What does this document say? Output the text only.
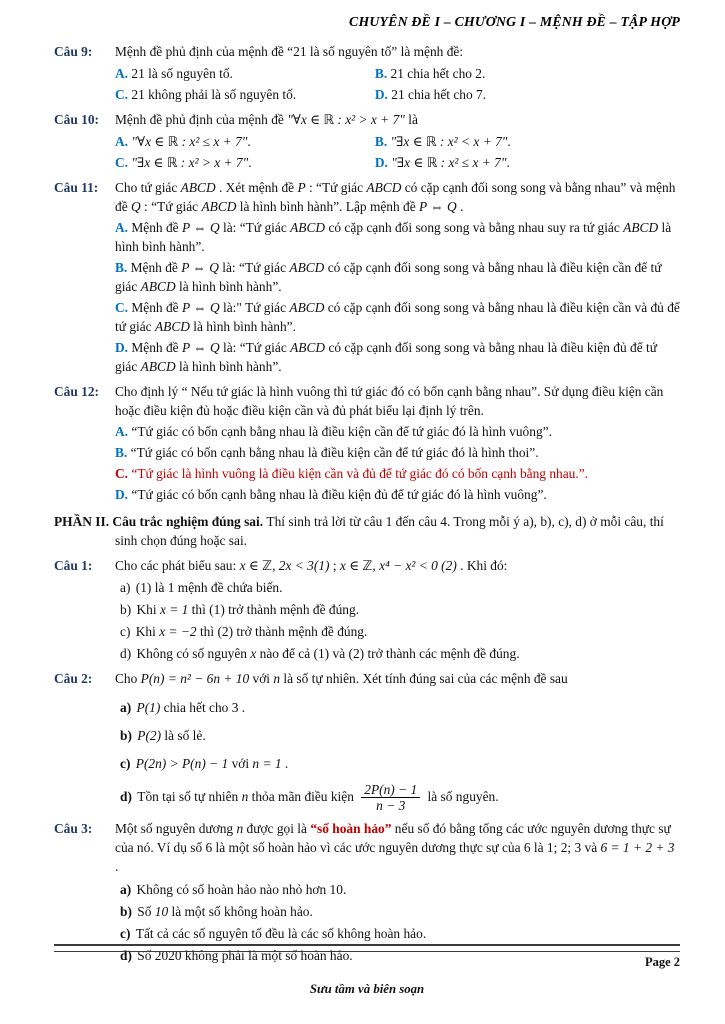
CHUYÊN ĐỀ I – CHƯƠNG I – MỆNH ĐỀ – TẬP HỢP
Câu 9:	Mệnh đề phủ định của mệnh đề “21 là số nguyên tố” là mệnh đề:
A. 21 là số nguyên tố.	B. 21 chia hết cho 2.
C. 21 không phải là số nguyên tố.	D. 21 chia hết cho 7.
Câu 10:	Mệnh đề phủ định của mệnh đề "∀x ∈ ℝ : x² > x + 7" là
A. "∀x ∈ ℝ : x² ≤ x + 7".	B. "∃x ∈ ℝ : x² < x + 7".
C. "∃x ∈ ℝ : x² > x + 7".	D. "∃x ∈ ℝ : x² ≤ x + 7".
Câu 11:	Cho tứ giác ABCD . Xét mệnh đề P : “Tứ giác ABCD có cặp cạnh đối song song và bằng nhau” và mệnh đề Q : “Tứ giác ABCD là hình bình hành”. Lập mệnh đề P ⇔ Q .
A. Mệnh đề P ⇔ Q là: “Tứ giác ABCD có cặp cạnh đối song song và bằng nhau suy ra tứ giác ABCD là hình bình hành”.
B. Mệnh đề P ⇔ Q là: “Tứ giác ABCD có cặp cạnh đối song song và bằng nhau là điều kiện cần để tứ giác ABCD là hình bình hành”.
C. Mệnh đề P ⇔ Q là:" Tứ giác ABCD có cặp cạnh đối song song và bằng nhau là điều kiện cần và đủ để tứ giác ABCD là hình bình hành”.
D. Mệnh đề P ⇔ Q là: “Tứ giác ABCD có cặp cạnh đối song song và bằng nhau là điều kiện đủ để tứ giác ABCD là hình bình hành”.
Câu 12:	Cho định lý “ Nếu tứ giác là hình vuông thì tứ giác đó có bốn cạnh bằng nhau”. Sử dụng điều kiện cần hoặc điều kiện đủ hoặc điều kiện cần và đủ phát biểu lại định lý trên.
A. “Tứ giác có bốn cạnh bằng nhau là điều kiện cần để tứ giác đó là hình vuông”.
B. “Tứ giác có bốn cạnh bằng nhau là điều kiện cần để tứ giác đó là hình thoi”.
C. “Tứ giác là hình vuông là điều kiện cần và đủ để tứ giác đó có bốn cạnh bằng nhau.”.
D. “Tứ giác có bốn cạnh bằng nhau là điều kiện đủ để tứ giác đó là hình vuông”.
PHẦN II. Câu trắc nghiệm đúng sai. Thí sinh trả lời từ câu 1 đến câu 4. Trong mỗi ý a), b), c), d) ở mỗi câu, thí sinh chọn đúng hoặc sai.
Câu 1:	Cho các phát biểu sau: x ∈ ℤ, 2x < 3(1) ; x ∈ ℤ, x⁴ − x² < 0 (2) . Khi đó:
a) (1) là 1 mệnh đề chứa biến.
b) Khi x = 1 thì (1) trở thành mệnh đề đúng.
c) Khi x = −2 thì (2) trở thành mệnh đề đúng.
d) Không có số nguyên x nào để cả (1) và (2) trở thành các mệnh đề đúng.
Câu 2:	Cho P(n) = n² − 6n + 10 với n là số tự nhiên. Xét tính đúng sai của các mệnh đề sau
a) P(1) chia hết cho 3 .
b) P(2) là số lẻ.
c) P(2n) > P(n) − 1 với n = 1 .
d) Tồn tại số tự nhiên n thỏa mãn điều kiện $\frac{2P(n) - 1}{n - 3}$ là số nguyên.
Câu 3:	Một số nguyên dương n được gọi là “số hoàn hảo” nếu số đó bằng tổng các ước nguyên dương thực sự của nó. Ví dụ số 6 là một số hoàn hảo vì các ước nguyên dương thực sự của 6 là 1; 2; 3 và 6 = 1 + 2 + 3 .
a) Không có số hoàn hảo nào nhỏ hơn 10.
b) Số 10 là một số không hoàn hảo.
c) Tất cả các số nguyên tố đều là các số không hoàn hảo.
d) Số 2020 không phải là một số hoàn hảo.	Page 2
Sưu tầm và biên soạn
